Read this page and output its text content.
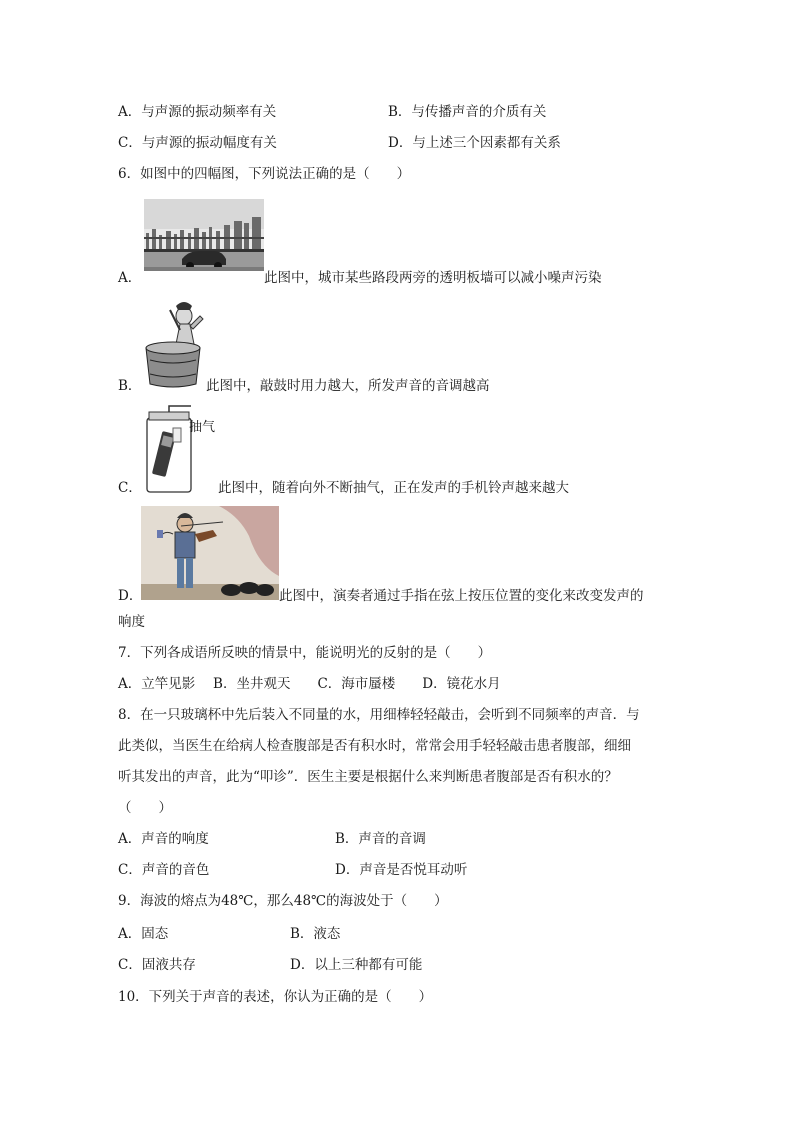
A．与声源的振动频率有关	B．与传播声音的介质有关
C．与声源的振动幅度有关	D．与上述三个因素都有关系
6．如图中的四幅图，下列说法正确的是（　　）
A．	此图中，城市某些路段两旁的透明板墙可以减小噪声污染
B．	此图中，敲鼓时用力越大，所发声音的音调越高
抽气
C．	此图中，随着向外不断抽气，正在发声的手机铃声越来越大
D．	此图中，演奏者通过手指在弦上按压位置的变化来改变发声的
响度
7．下列各成语所反映的情景中，能说明光的反射的是（　　）
A．立竿见影　 B．坐井观天　　C．海市蜃楼　　D．镜花水月
8．在一只玻璃杯中先后装入不同量的水，用细棒轻轻敲击，会听到不同频率的声音．与
此类似，当医生在给病人检查腹部是否有积水时，常常会用手轻轻敲击患者腹部，细细
听其发出的声音，此为“叩诊”．医生主要是根据什么来判断患者腹部是否有积水的？
（　　）
A．声音的响度	B．声音的音调
C．声音的音色	D．声音是否悦耳动听
9．海波的熔点为48℃，那么48℃的海波处于（　　）
A．固态	B．液态
C．固液共存	D．以上三种都有可能
10．下列关于声音的表述，你认为正确的是（　　）
